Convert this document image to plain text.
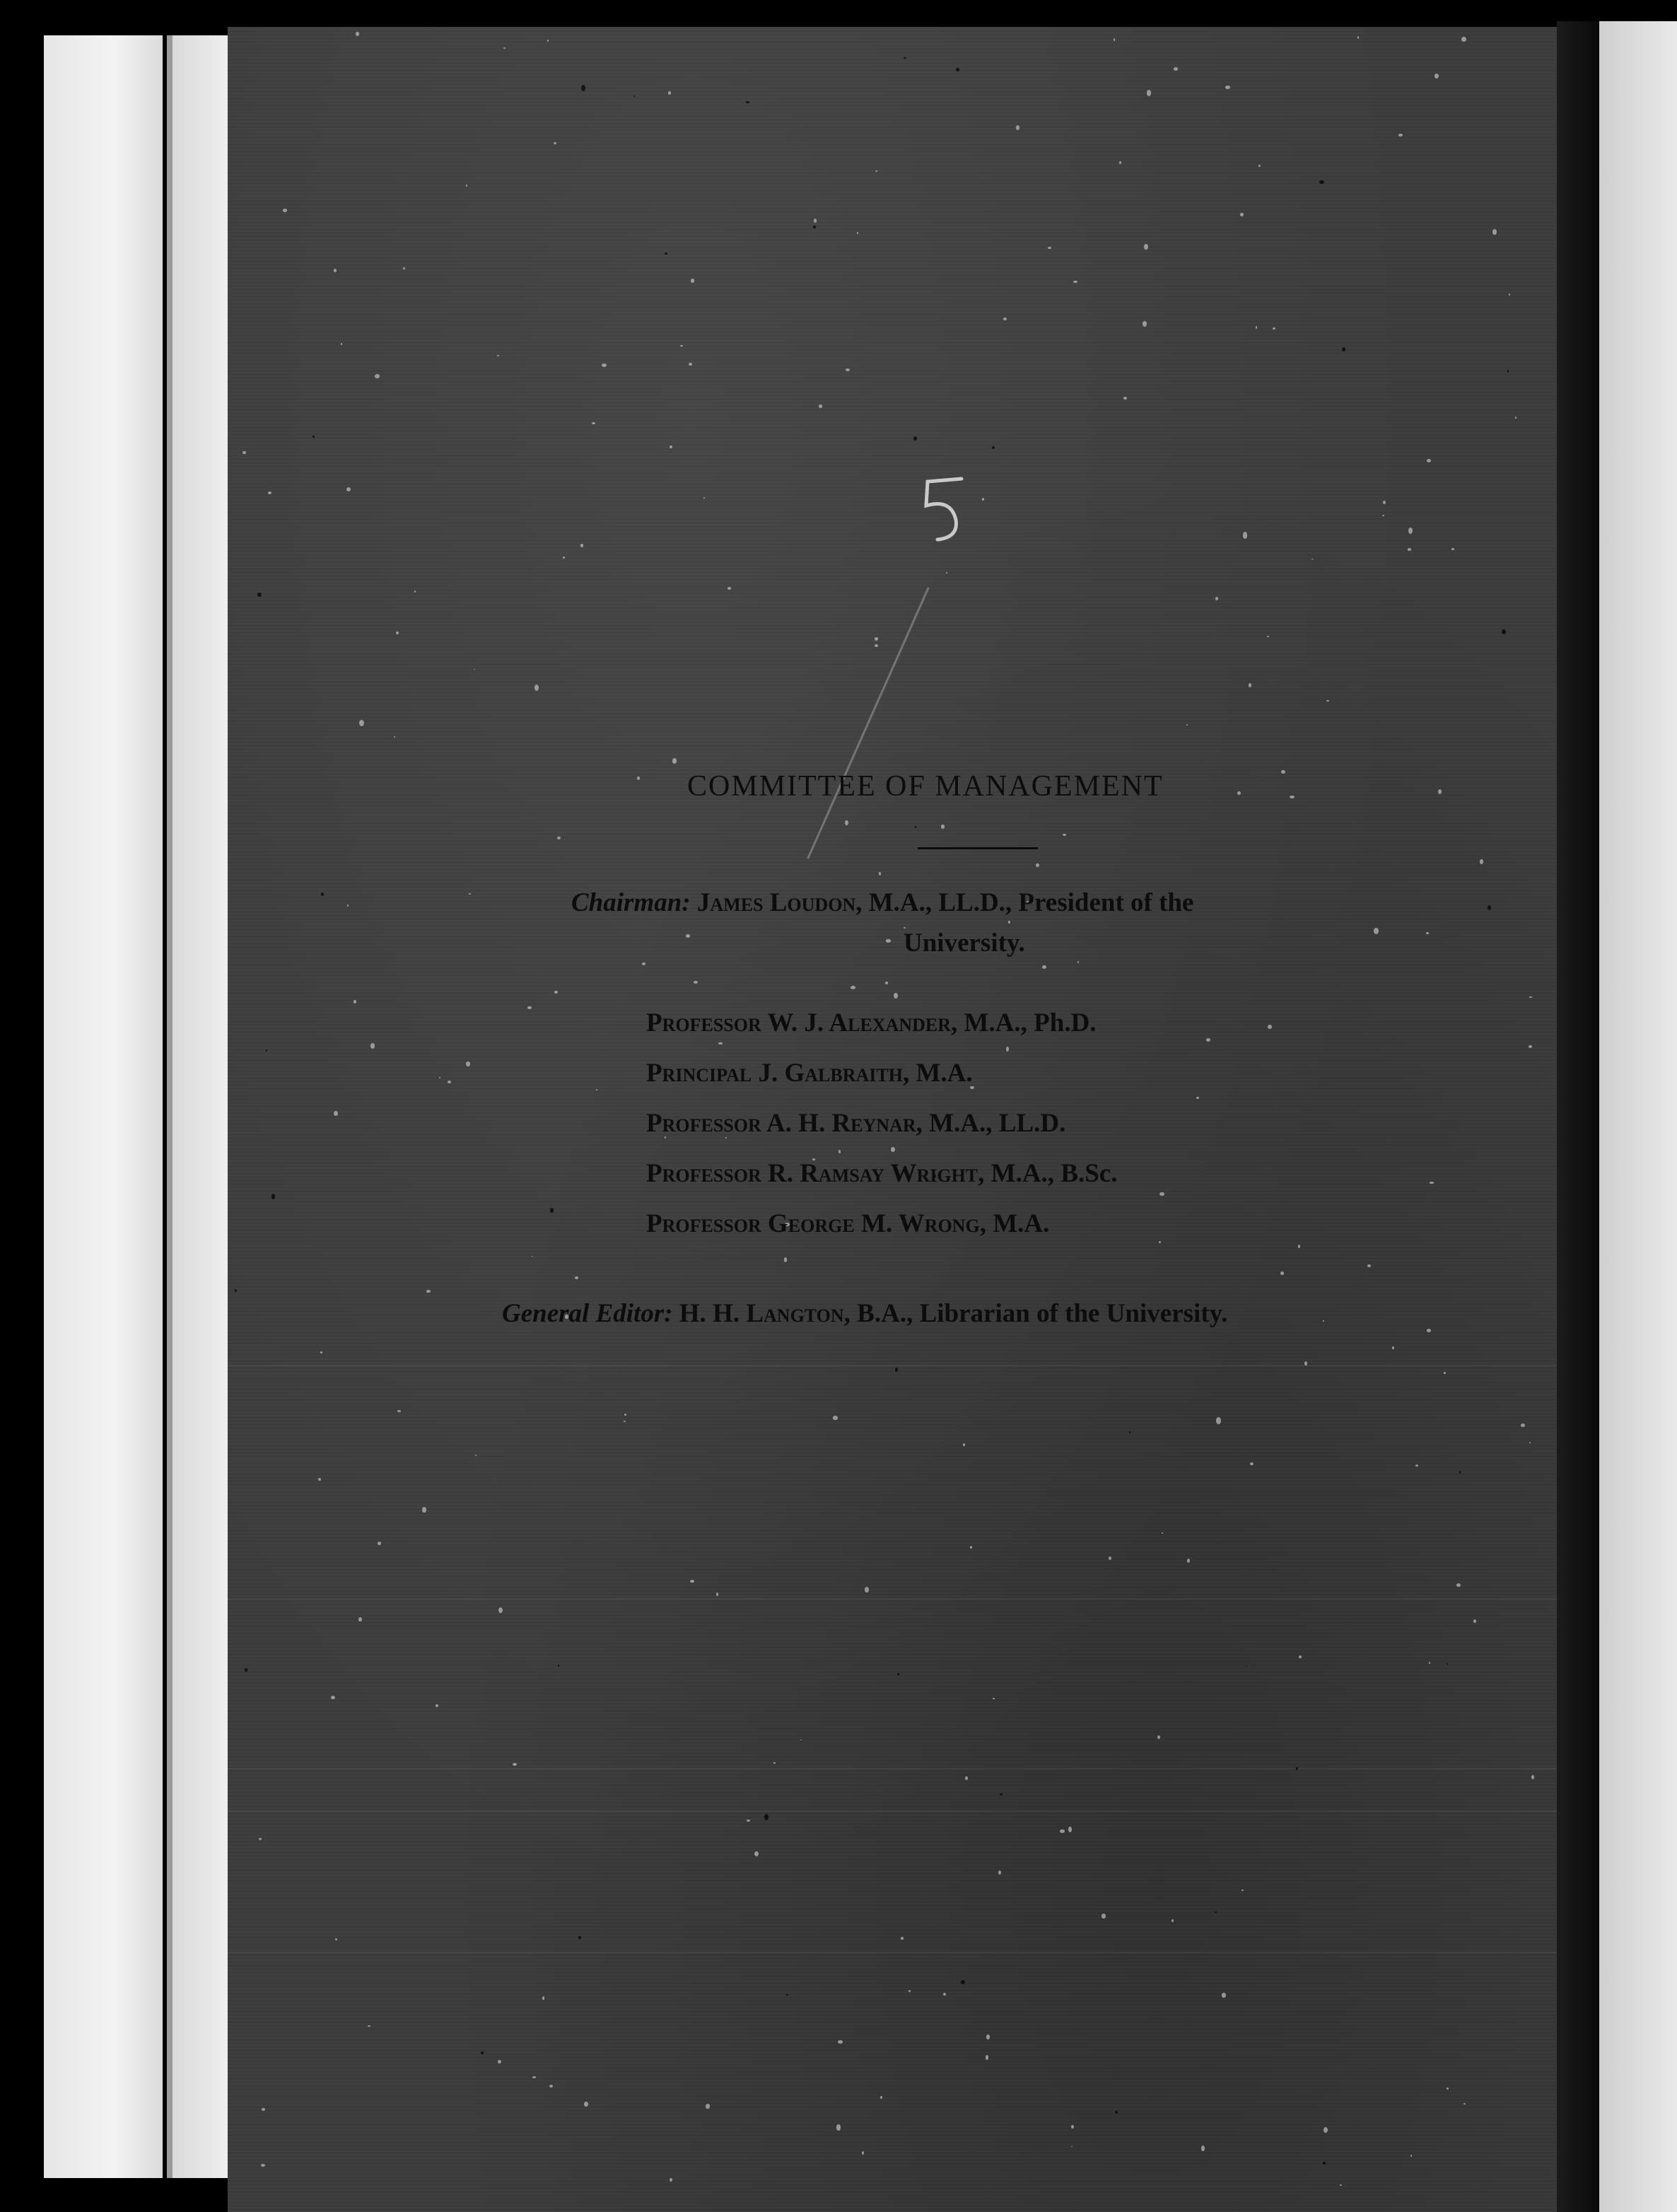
COMMITTEE OF MANAGEMENT
Chairman: James Loudon, M.A., LL.D., President of the
University.
Professor W. J. Alexander, M.A., Ph.D.
Principal J. Galbraith, M.A.
Professor A. H. Reynar, M.A., LL.D.
Professor R. Ramsay Wright, M.A., B.Sc.
Professor George M. Wrong, M.A.
General Editor: H. H. Langton, B.A., Librarian of the University.
